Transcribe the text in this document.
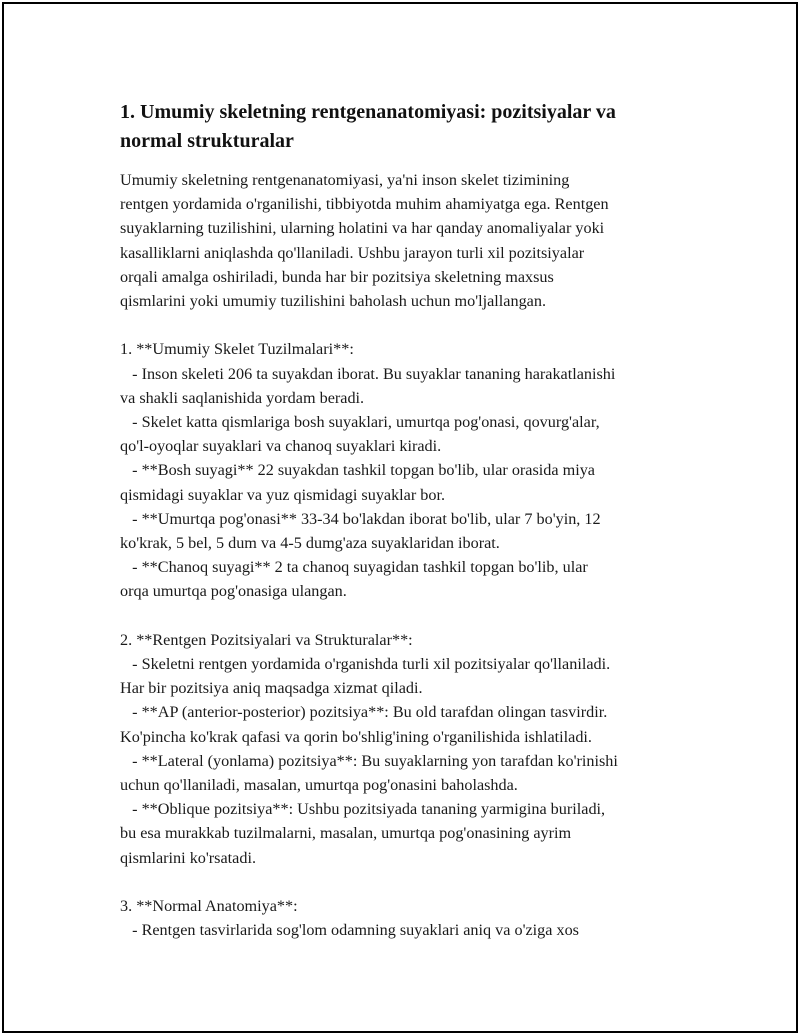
1. Umumiy skeletning rentgenanatomiyasi: pozitsiyalar va
normal strukturalar
Umumiy skeletning rentgenanatomiyasi, ya'ni inson skelet tizimining
rentgen yordamida o'rganilishi, tibbiyotda muhim ahamiyatga ega. Rentgen
suyaklarning tuzilishini, ularning holatini va har qanday anomaliyalar yoki
kasalliklarni aniqlashda qo'llaniladi. Ushbu jarayon turli xil pozitsiyalar
orqali amalga oshiriladi, bunda har bir pozitsiya skeletning maxsus
qismlarini yoki umumiy tuzilishini baholash uchun mo'ljallangan.
1. **Umumiy Skelet Tuzilmalari**:
- Inson skeleti 206 ta suyakdan iborat. Bu suyaklar tananing harakatlanishi
va shakli saqlanishida yordam beradi.
- Skelet katta qismlariga bosh suyaklari, umurtqa pog'onasi, qovurg'alar,
qo'l-oyoqlar suyaklari va chanoq suyaklari kiradi.
- **Bosh suyagi** 22 suyakdan tashkil topgan bo'lib, ular orasida miya
qismidagi suyaklar va yuz qismidagi suyaklar bor.
- **Umurtqa pog'onasi** 33-34 bo'lakdan iborat bo'lib, ular 7 bo'yin, 12
ko'krak, 5 bel, 5 dum va 4-5 dumg'aza suyaklaridan iborat.
- **Chanoq suyagi** 2 ta chanoq suyagidan tashkil topgan bo'lib, ular
orqa umurtqa pog'onasiga ulangan.
2. **Rentgen Pozitsiyalari va Strukturalar**:
- Skeletni rentgen yordamida o'rganishda turli xil pozitsiyalar qo'llaniladi.
Har bir pozitsiya aniq maqsadga xizmat qiladi.
- **AP (anterior-posterior) pozitsiya**: Bu old tarafdan olingan tasvirdir.
Ko'pincha ko'krak qafasi va qorin bo'shlig'ining o'rganilishida ishlatiladi.
- **Lateral (yonlama) pozitsiya**: Bu suyaklarning yon tarafdan ko'rinishi
uchun qo'llaniladi, masalan, umurtqa pog'onasini baholashda.
- **Oblique pozitsiya**: Ushbu pozitsiyada tananing yarmigina buriladi,
bu esa murakkab tuzilmalarni, masalan, umurtqa pog'onasining ayrim
qismlarini ko'rsatadi.
3. **Normal Anatomiya**:
- Rentgen tasvirlarida sog'lom odamning suyaklari aniq va o'ziga xos
